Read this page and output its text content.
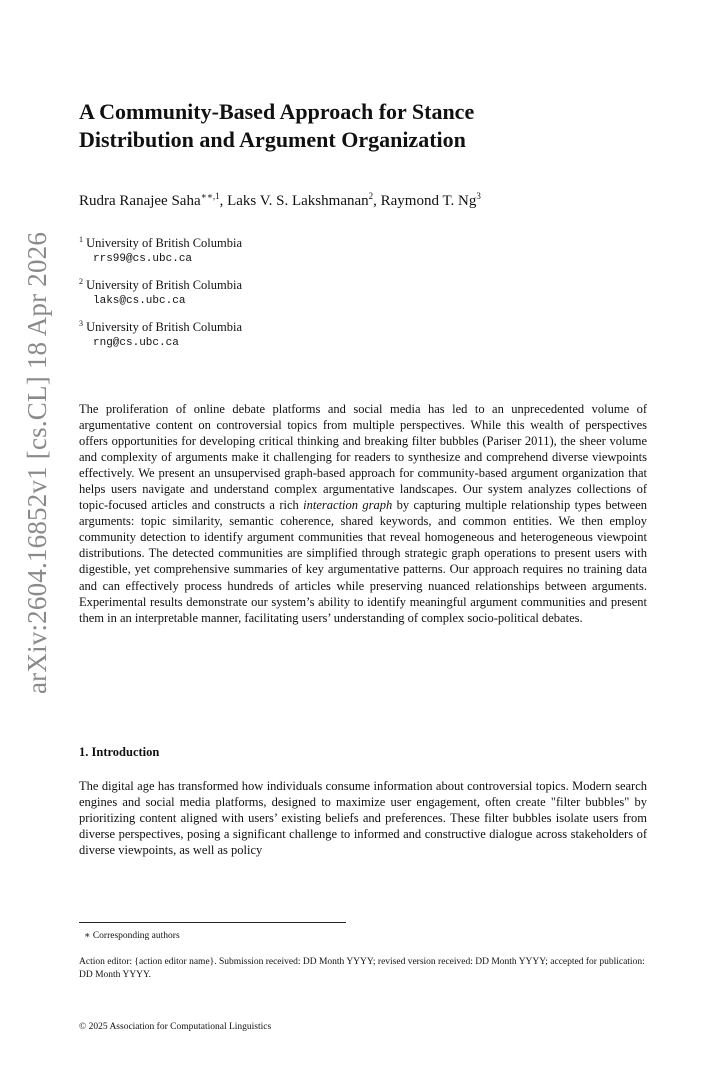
arXiv:2604.16852v1 [cs.CL] 18 Apr 2026
A Community-Based Approach for Stance
Distribution and Argument Organization
Rudra Ranajee Saha$^{∗∗,1}$, Laks V. S. Lakshmanan$^2$, Raymond T. Ng$^3$
$^1$ University of British Columbia
rrs99@cs.ubc.ca
$^2$ University of British Columbia
laks@cs.ubc.ca
$^3$ University of British Columbia
rng@cs.ubc.ca

The proliferation of online debate platforms and social media has led to an unprecedented volume of argumentative content on controversial topics from multiple perspectives. While this wealth of perspectives offers opportunities for developing critical thinking and breaking filter bubbles (Pariser 2011), the sheer volume and complexity of arguments make it challenging for readers to synthesize and comprehend diverse viewpoints effectively. We present an unsupervised graph-based approach for community-based argument organization that helps users navigate and understand complex argumentative landscapes. Our system analyzes collections of topic-focused articles and constructs a rich interaction graph by capturing multiple relationship types between arguments: topic similarity, semantic coherence, shared keywords, and common entities. We then employ community detection to identify argument communities that reveal homogeneous and heterogeneous viewpoint distributions. The detected communities are simplified through strategic graph operations to present users with digestible, yet comprehensive summaries of key argumentative patterns. Our approach requires no training data and can effectively process hundreds of articles while preserving nuanced relationships between arguments. Experimental results demonstrate our system’s ability to identify meaningful argument communities and present them in an interpretable manner, facilitating users’ understanding of complex socio-political debates.

1. Introduction

The digital age has transformed how individuals consume information about controversial topics. Modern search engines and social media platforms, designed to maximize user engagement, often create "filter bubbles" by prioritizing content aligned with users’ existing beliefs and preferences. These filter bubbles isolate users from diverse perspectives, posing a significant challenge to informed and constructive dialogue across stakeholders of diverse viewpoints, as well as policy

∗ Corresponding authors

Action editor: {action editor name}. Submission received: DD Month YYYY; revised version received: DD Month YYYY; accepted for publication: DD Month YYYY.

© 2025 Association for Computational Linguistics
